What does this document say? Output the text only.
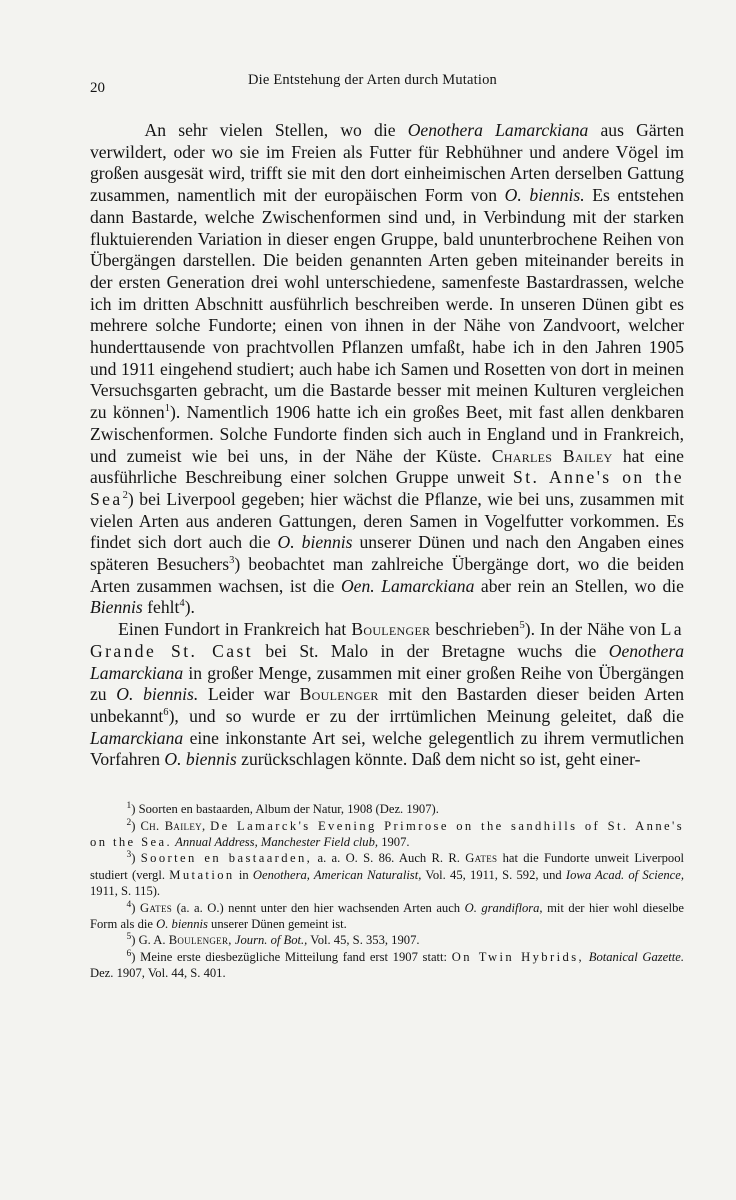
20	Die Entstehung der Arten durch Mutation

An sehr vielen Stellen, wo die Oenothera Lamarckiana aus Gärten verwildert, oder wo sie im Freien als Futter für Rebhühner und andere Vögel im großen ausgesät wird, trifft sie mit den dort einheimischen Arten derselben Gattung zusammen, namentlich mit der europäischen Form von O. biennis. Es entstehen dann Bastarde, welche Zwischenformen sind und, in Verbindung mit der starken fluktuierenden Variation in dieser engen Gruppe, bald ununterbrochene Reihen von Übergängen darstellen. Die beiden genannten Arten geben miteinander bereits in der ersten Generation drei wohl unterschiedene, samenfeste Bastardrassen, welche ich im dritten Abschnitt ausführlich beschreiben werde. In unseren Dünen gibt es mehrere solche Fundorte; einen von ihnen in der Nähe von Zandvoort, welcher hunderttausende von prachtvollen Pflanzen umfaßt, habe ich in den Jahren 1905 und 1911 eingehend studiert; auch habe ich Samen und Rosetten von dort in meinen Versuchsgarten gebracht, um die Bastarde besser mit meinen Kulturen vergleichen zu können$^1$). Namentlich 1906 hatte ich ein großes Beet, mit fast allen denkbaren Zwischenformen. Solche Fundorte finden sich auch in England und in Frankreich, und zumeist wie bei uns, in der Nähe der Küste. Charles Bailey hat eine ausführliche Beschreibung einer solchen Gruppe unweit St. Anne's on the Sea$^2$) bei Liverpool gegeben; hier wächst die Pflanze, wie bei uns, zusammen mit vielen Arten aus anderen Gattungen, deren Samen in Vogelfutter vorkommen. Es findet sich dort auch die O. biennis unserer Dünen und nach den Angaben eines späteren Besuchers$^3$) beobachtet man zahlreiche Übergänge dort, wo die beiden Arten zusammen wachsen, ist die Oen. Lamarckiana aber rein an Stellen, wo die Biennis fehlt$^4$).

Einen Fundort in Frankreich hat Boulenger beschrieben$^5$). In der Nähe von La Grande St. Cast bei St. Malo in der Bretagne wuchs die Oenothera Lamarckiana in großer Menge, zusammen mit einer großen Reihe von Übergängen zu O. biennis. Leider war Boulenger mit den Bastarden dieser beiden Arten unbekannt$^6$), und so wurde er zu der irrtümlichen Meinung geleitet, daß die Lamarckiana eine inkonstante Art sei, welche gelegentlich zu ihrem vermutlichen Vorfahren O. biennis zurückschlagen könnte. Daß dem nicht so ist, geht einer-

$^1$) Soorten en bastaarden, Album der Natur, 1908 (Dez. 1907).

$^2$) Ch. Bailey, De Lamarck's Evening Primrose on the sandhills of St. Anne's on the Sea. Annual Address, Manchester Field club, 1907.

$^3$) Soorten en bastaarden, a. a. O. S. 86. Auch R. R. Gates hat die Fundorte unweit Liverpool studiert (vergl. Mutation in Oenothera, American Naturalist, Vol. 45, 1911, S. 592, und Iowa Acad. of Science, 1911, S. 115).

$^4$) Gates (a. a. O.) nennt unter den hier wachsenden Arten auch O. grandiflora, mit der hier wohl dieselbe Form als die O. biennis unserer Dünen gemeint ist.

$^5$) G. A. Boulenger, Journ. of Bot., Vol. 45, S. 353, 1907.

$^6$) Meine erste diesbezügliche Mitteilung fand erst 1907 statt: On Twin Hybrids, Botanical Gazette. Dez. 1907, Vol. 44, S. 401.
